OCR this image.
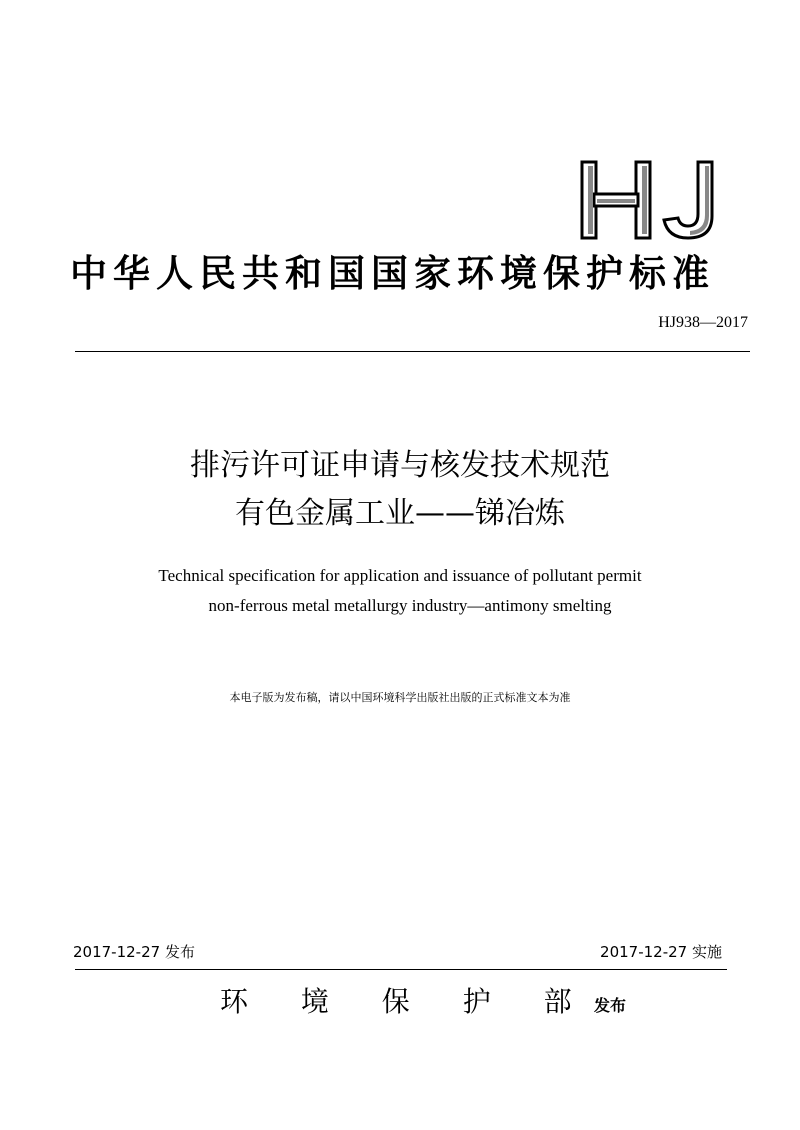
中华人民共和国国家环境保护标准
HJ938—2017
排污许可证申请与核发技术规范
有色金属工业——锑冶炼
Technical specification for application and issuance of pollutant permit
non-ferrous metal metallurgy industry—antimony smelting
本电子版为发布稿，请以中国环境科学出版社出版的正式标准文本为准
2017-12-27 发布	2017-12-27 实施
环 境 保 护 部 发布
